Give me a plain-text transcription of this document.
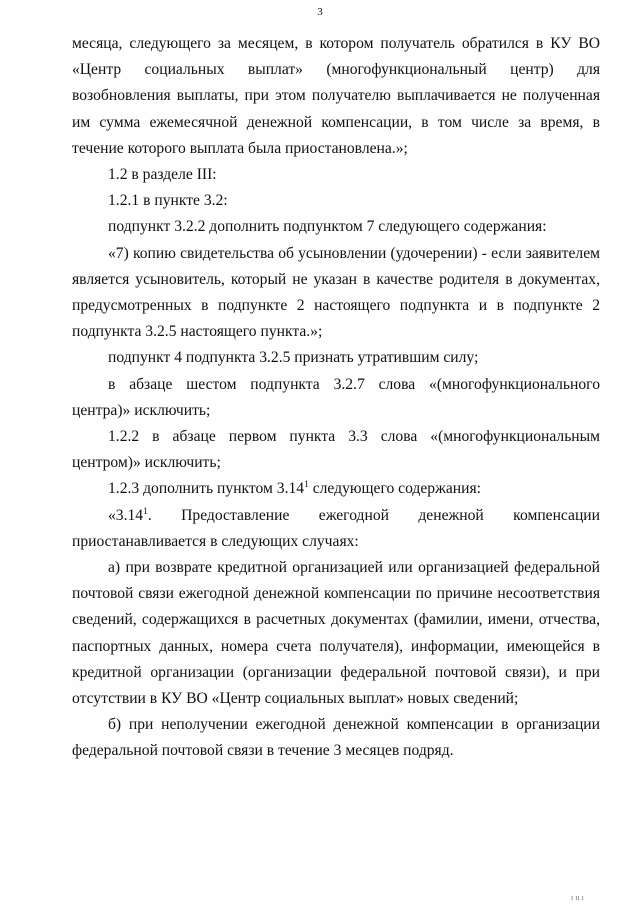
3

месяца, следующего за месяцем, в котором получатель обратился в КУ ВО «Центр социальных выплат» (многофункциональный центр) для возобновления выплаты, при этом получателю выплачивается не полученная им сумма ежемесячной денежной компенсации, в том числе за время, в течение которого выплата была приостановлена.»;

1.2 в разделе III:

1.2.1 в пункте 3.2:

подпункт 3.2.2 дополнить подпунктом 7 следующего содержания:

«7) копию свидетельства об усыновлении (удочерении) - если заявителем является усыновитель, который не указан в качестве родителя в документах, предусмотренных в подпункте 2 настоящего подпункта и в подпункте 2 подпункта 3.2.5 настоящего пункта.»;

подпункт 4 подпункта 3.2.5 признать утратившим силу;

в абзаце шестом подпункта 3.2.7 слова «(многофункционального центра)» исключить;

1.2.2 в абзаце первом пункта 3.3 слова «(многофункциональным центром)» исключить;

1.2.3 дополнить пунктом 3.14$^1$ следующего содержания:

«3.14$^1$. Предоставление ежегодной денежной компенсации приостанавливается в следующих случаях:

а) при возврате кредитной организацией или организацией федеральной почтовой связи ежегодной денежной компенсации по причине несоответствия сведений, содержащихся в расчетных документах (фамилии, имени, отчества, паспортных данных, номера счета получателя), информации, имеющейся в кредитной организации (организации федеральной почтовой связи), и при отсутствии в КУ ВО «Центр социальных выплат» новых сведений;

б) при неполучении ежегодной денежной компенсации в организации федеральной почтовой связи в течение 3 месяцев подряд.

ı ıı ı
